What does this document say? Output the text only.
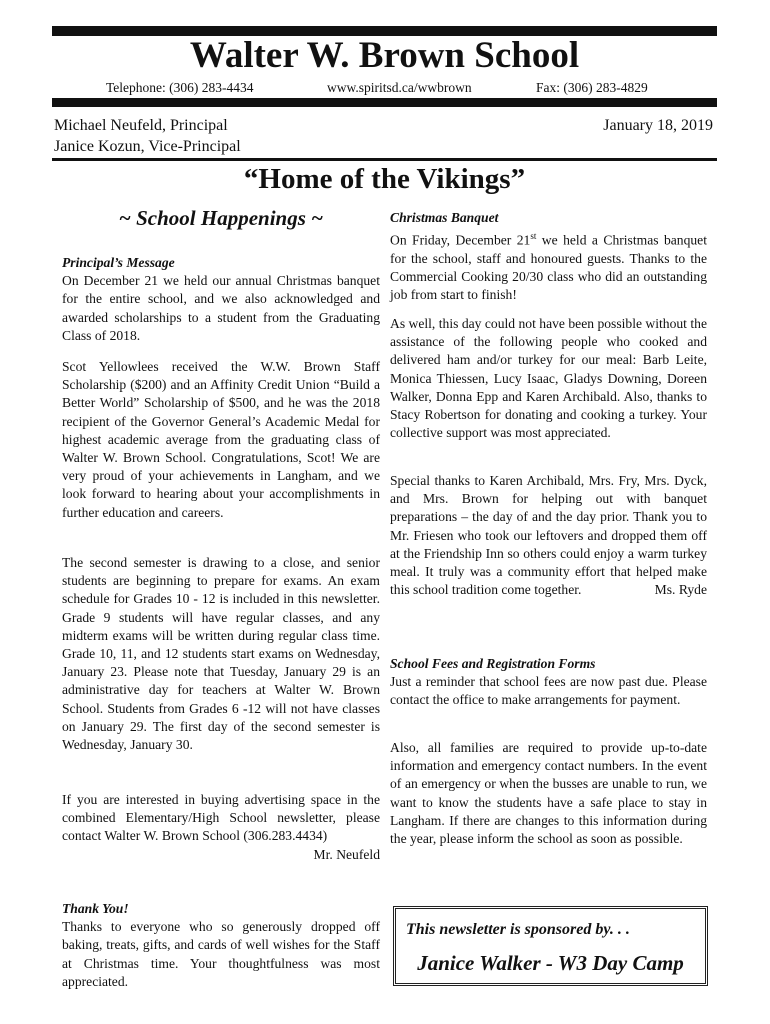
Walter W. Brown School
Telephone: (306) 283-4434	www.spiritsd.ca/wwbrown	Fax: (306) 283-4829
Michael Neufeld, Principal
Janice Kozun, Vice-Principal
January 18, 2019
“Home of the Vikings”
~ School Happenings ~
Principal’s Message

On December 21 we held our annual Christmas banquet for the entire school, and we also acknowledged and awarded scholarships to a student from the Graduating Class of 2018.

Scot Yellowlees received the W.W. Brown Staff Scholarship ($200) and an Affinity Credit Union “Build a Better World” Scholarship of $500, and he was the 2018 recipient of the Governor General’s Academic Medal for highest academic average from the graduating class of Walter W. Brown School. Congratulations, Scot! We are very proud of your achievements in Langham, and we look forward to hearing about your accomplishments in further education and careers.

The second semester is drawing to a close, and senior students are beginning to prepare for exams. An exam schedule for Grades 10 - 12 is included in this newsletter. Grade 9 students will have regular classes, and any midterm exams will be written during regular class time. Grade 10, 11, and 12 students start exams on Wednesday, January 23. Please note that Tuesday, January 29 is an administrative day for teachers at Walter W. Brown School. Students from Grades 6 -12 will not have classes on January 29. The first day of the second semester is Wednesday, January 30.

If you are interested in buying advertising space in the combined Elementary/High School newsletter, please contact Walter W. Brown School (306.283.4434)
Mr. Neufeld

Thank You!

Thanks to everyone who so generously dropped off baking, treats, gifts, and cards of well wishes for the Staff at Christmas time. Your thoughtfulness was most appreciated.

Christmas Banquet

On Friday, December 21st we held a Christmas banquet for the school, staff and honoured guests. Thanks to the Commercial Cooking 20/30 class who did an outstanding job from start to finish!

As well, this day could not have been possible without the assistance of the following people who cooked and delivered ham and/or turkey for our meal: Barb Leite, Monica Thiessen, Lucy Isaac, Gladys Downing, Doreen Walker, Donna Epp and Karen Archibald. Also, thanks to Stacy Robertson for donating and cooking a turkey. Your collective support was most appreciated.

Special thanks to Karen Archibald, Mrs. Fry, Mrs. Dyck, and Mrs. Brown for helping out with banquet preparations – the day of and the day prior. Thank you to Mr. Friesen who took our leftovers and dropped them off at the Friendship Inn so others could enjoy a warm turkey meal. It truly was a community effort that helped make this school tradition come together.	Ms. Ryde

School Fees and Registration Forms

Just a reminder that school fees are now past due. Please contact the office to make arrangements for payment.

Also, all families are required to provide up-to-date information and emergency contact numbers. In the event of an emergency or when the busses are unable to run, we want to know the students have a safe place to stay in Langham. If there are changes to this information during the year, please inform the school as soon as possible.

This newsletter is sponsored by. . .
Janice Walker - W3 Day Camp
